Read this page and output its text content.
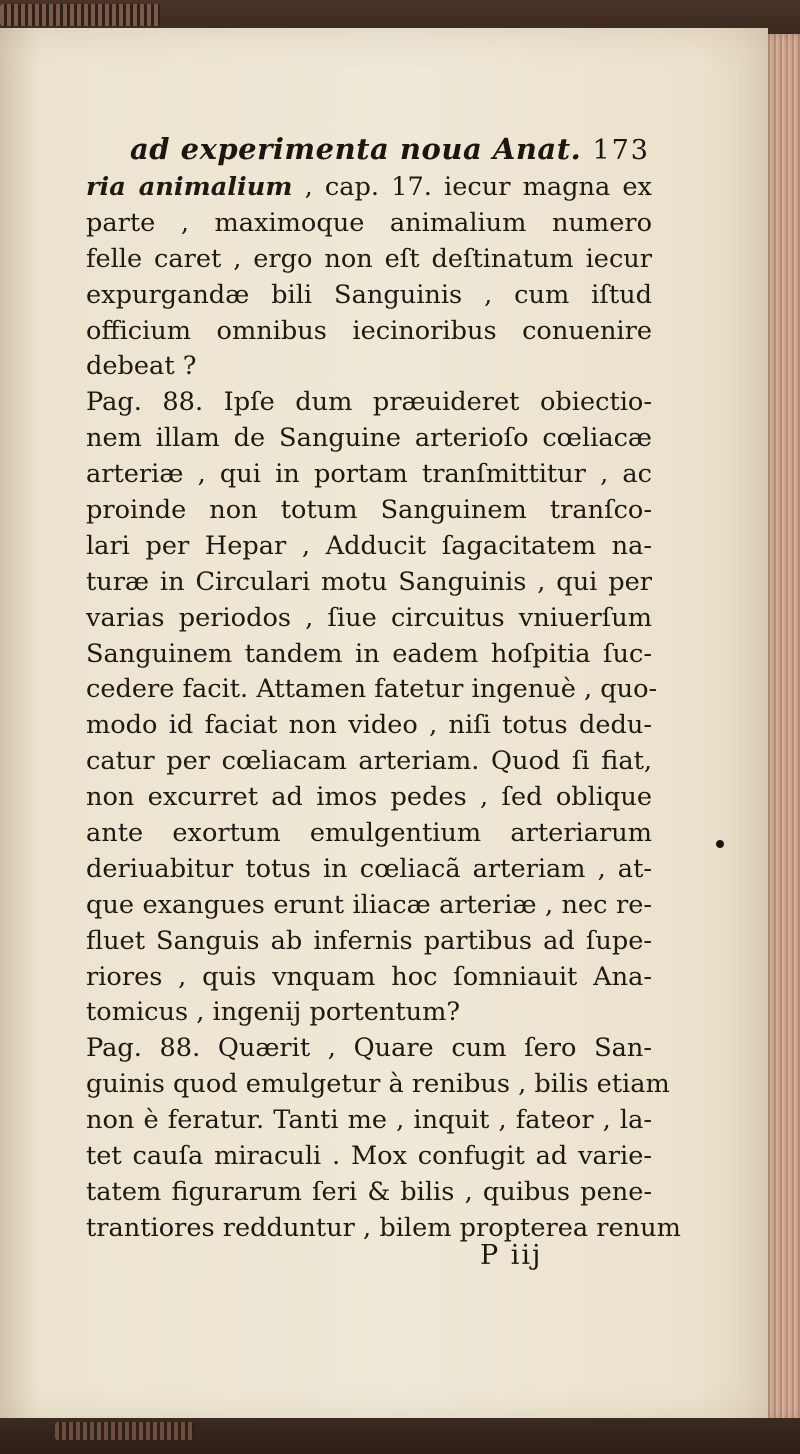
ad experimenta noua Anat. 173
ria animalium , cap. 17. iecur magna ex
parte , maximoque animalium numero
felle caret , ergo non eſt deſtinatum iecur
expurgandæ bili Sanguinis , cum iſtud
officium omnibus iecinoribus conuenire
debeat ?
Pag. 88. Ipſe dum præuideret obiectio-
nem illam de Sanguine arterioſo cœliacæ
arteriæ , qui in portam tranſmittitur , ac
proinde non totum Sanguinem tranſco-
lari per Hepar , Adducit ſagacitatem na-
turæ in Circulari motu Sanguinis , qui per
varias periodos , ſiue circuitus vniuerſum
Sanguinem tandem in eadem hoſpitia ſuc-
cedere facit. Attamen fatetur ingenuè , quo-
modo id faciat non video , niſi totus dedu-
catur per cœliacam arteriam. Quod ſi fiat,
non excurret ad imos pedes , ſed oblique
ante exortum emulgentium arteriarum
deriuabitur totus in cœliacã arteriam , at-
que exangues erunt iliacæ arteriæ , nec re-
fluet Sanguis ab infernis partibus ad ſupe-
riores , quis vnquam hoc ſomniauit Ana-
tomicus , ingenij portentum?
Pag. 88. Quærit , Quare cum ſero San-
guinis quod emulgetur à renibus , bilis etiam
non è feratur. Tanti me , inquit , fateor , la-
tet cauſa miraculi . Mox confugit ad varie-
tatem figurarum ſeri & bilis , quibus pene-
trantiores redduntur , bilem propterea renum
P iij
